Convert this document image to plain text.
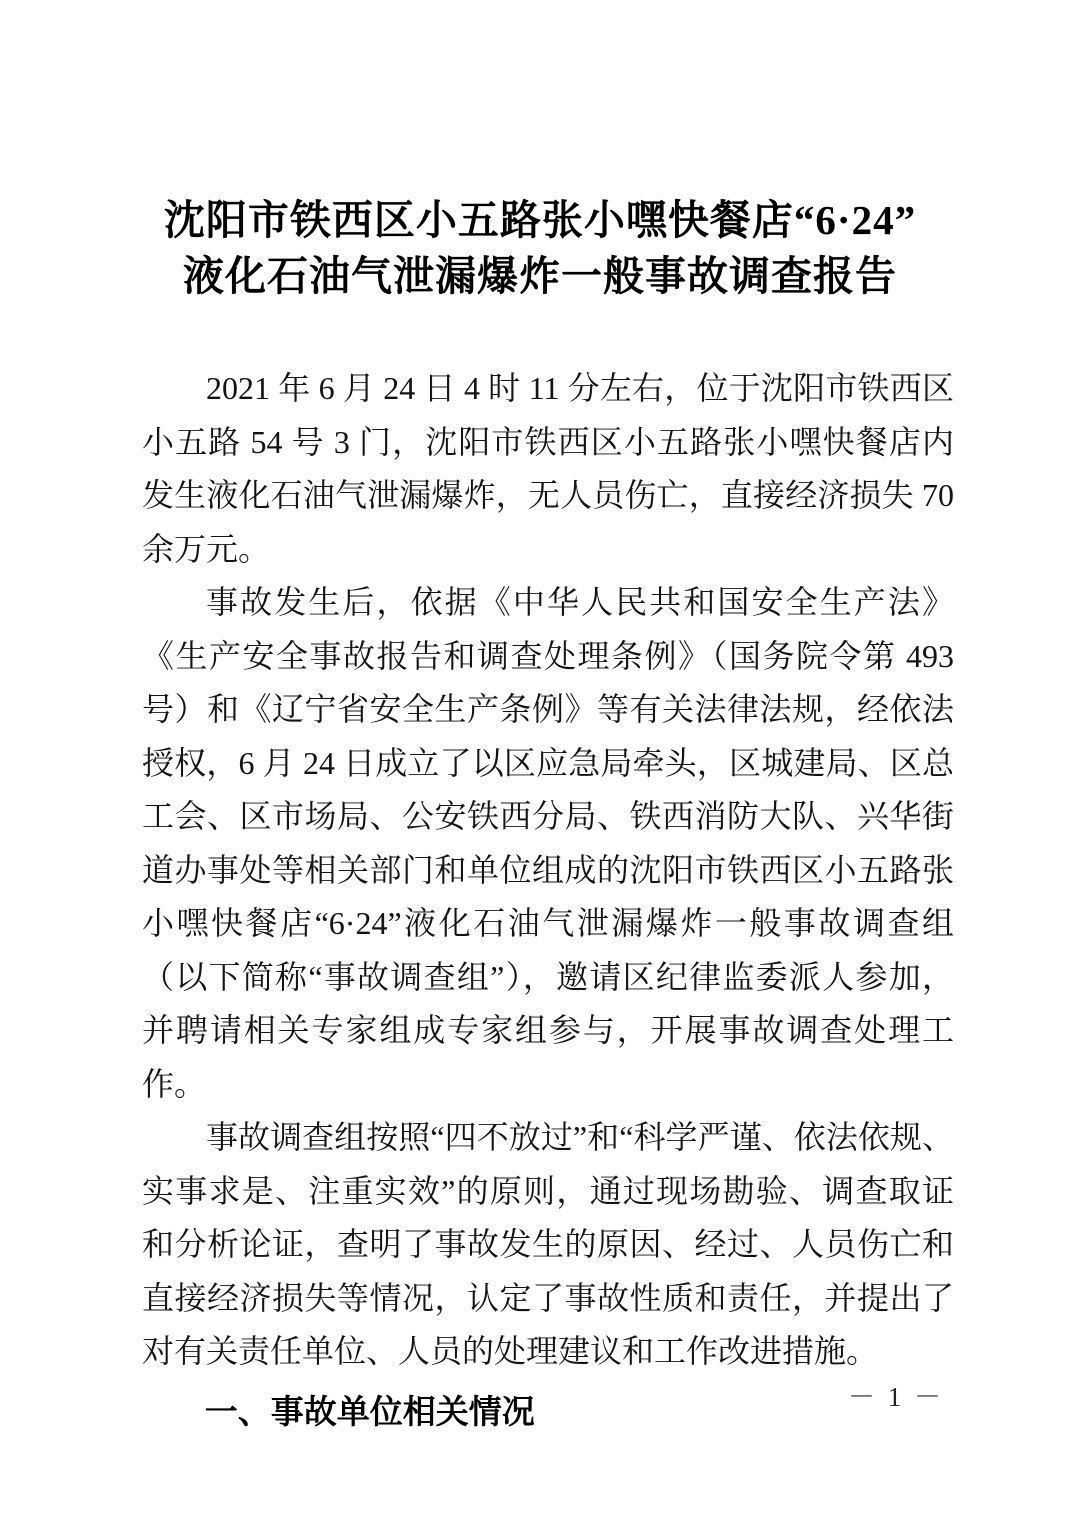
沈阳市铁西区小五路张小嘿快餐店“6·24”
液化石油气泄漏爆炸一般事故调查报告

2021 年 6 月 24 日 4 时 11 分左右，位于沈阳市铁西区小五路 54 号 3 门，沈阳市铁西区小五路张小嘿快餐店内发生液化石油气泄漏爆炸，无人员伤亡，直接经济损失 70 余万元。

事故发生后，依据《中华人民共和国安全生产法》《生产安全事故报告和调查处理条例》（国务院令第 493 号）和《辽宁省安全生产条例》等有关法律法规，经依法授权，6 月 24 日成立了以区应急局牵头，区城建局、区总工会、区市场局、公安铁西分局、铁西消防大队、兴华街道办事处等相关部门和单位组成的沈阳市铁西区小五路张小嘿快餐店“6·24”液化石油气泄漏爆炸一般事故调查组（以下简称“事故调查组”），邀请区纪律监委派人参加，并聘请相关专家组成专家组参与，开展事故调查处理工作。

事故调查组按照“四不放过”和“科学严谨、依法依规、实事求是、注重实效”的原则，通过现场勘验、调查取证和分析论证，查明了事故发生的原因、经过、人员伤亡和直接经济损失等情况，认定了事故性质和责任，并提出了对有关责任单位、人员的处理建议和工作改进措施。

一、事故单位相关情况	－ 1 －
